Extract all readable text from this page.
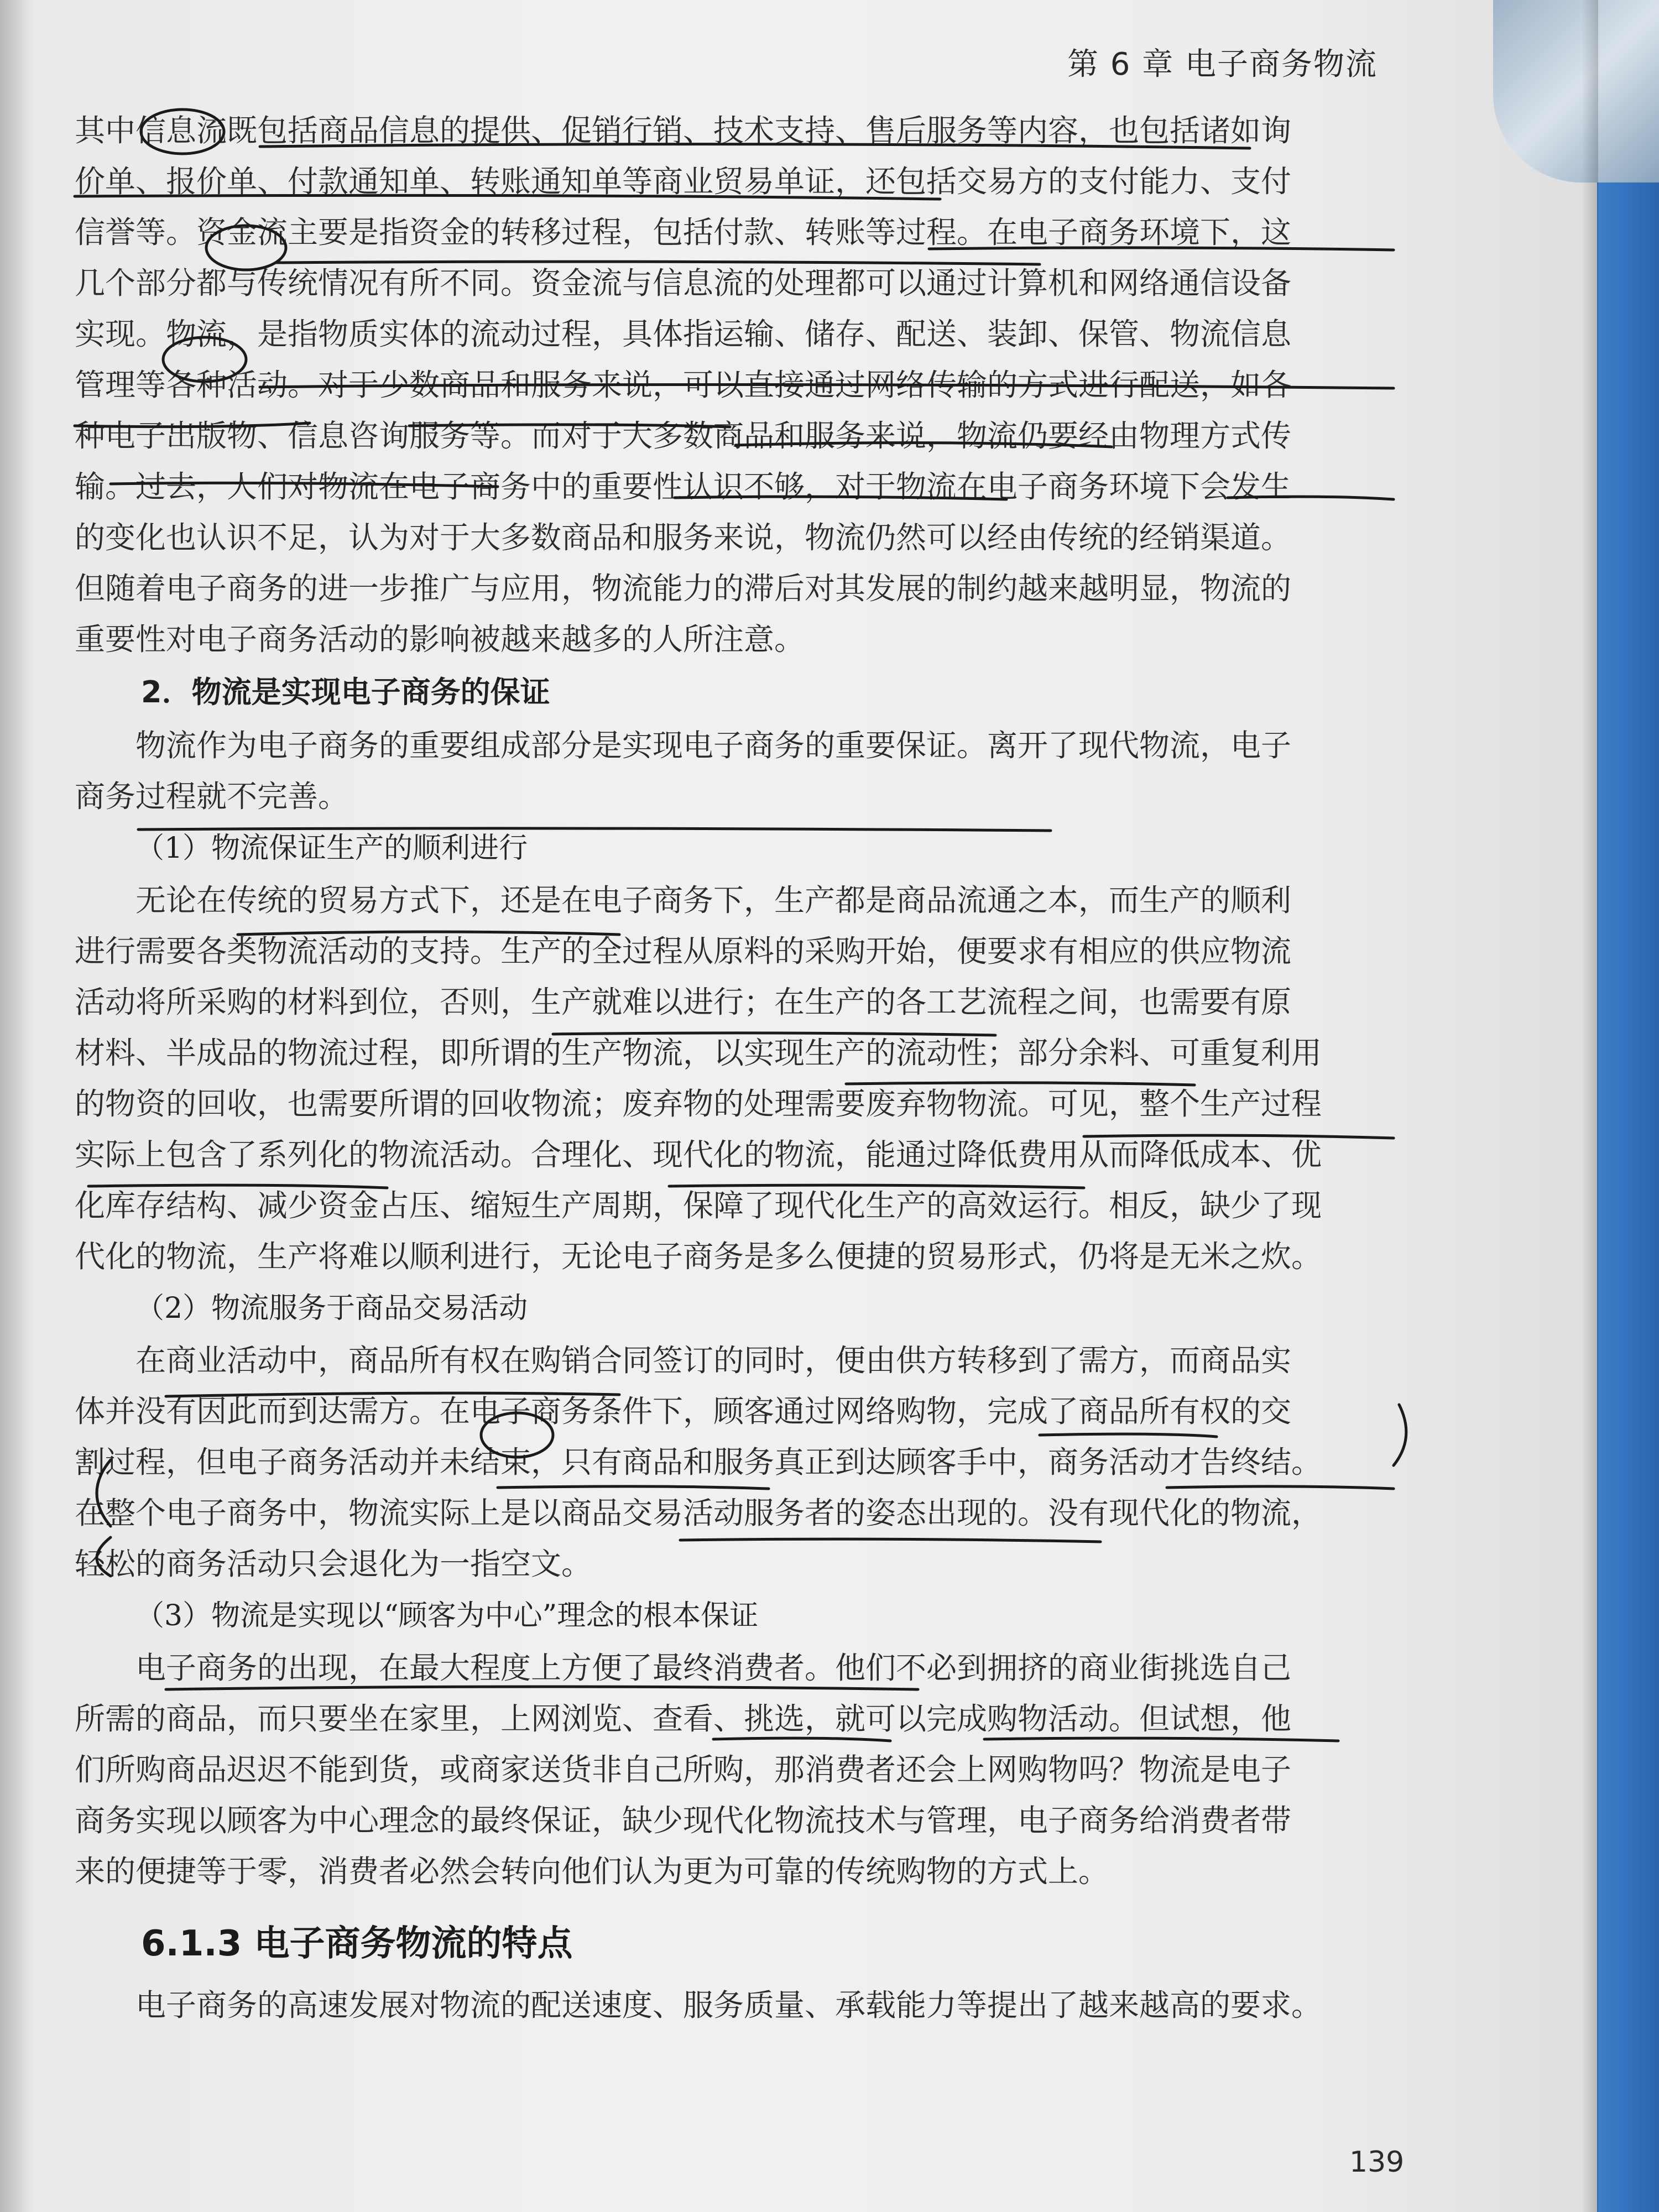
第 6 章 电子商务物流
其中信息流既包括商品信息的提供、促销行销、技术支持、售后服务等内容，也包括诸如询
价单、报价单、付款通知单、转账通知单等商业贸易单证，还包括交易方的支付能力、支付
信誉等。资金流主要是指资金的转移过程，包括付款、转账等过程。在电子商务环境下，这
几个部分都与传统情况有所不同。资金流与信息流的处理都可以通过计算机和网络通信设备
实现。物流，是指物质实体的流动过程，具体指运输、储存、配送、装卸、保管、物流信息
管理等各种活动。对于少数商品和服务来说，可以直接通过网络传输的方式进行配送，如各
种电子出版物、信息咨询服务等。而对于大多数商品和服务来说，物流仍要经由物理方式传
输。过去，人们对物流在电子商务中的重要性认识不够，对于物流在电子商务环境下会发生
的变化也认识不足，认为对于大多数商品和服务来说，物流仍然可以经由传统的经销渠道。
但随着电子商务的进一步推广与应用，物流能力的滞后对其发展的制约越来越明显，物流的
重要性对电子商务活动的影响被越来越多的人所注意。
2．物流是实现电子商务的保证
物流作为电子商务的重要组成部分是实现电子商务的重要保证。离开了现代物流，电子
商务过程就不完善。
（1）物流保证生产的顺利进行
无论在传统的贸易方式下，还是在电子商务下，生产都是商品流通之本，而生产的顺利
进行需要各类物流活动的支持。生产的全过程从原料的采购开始，便要求有相应的供应物流
活动将所采购的材料到位，否则，生产就难以进行；在生产的各工艺流程之间，也需要有原
材料、半成品的物流过程，即所谓的生产物流，以实现生产的流动性；部分余料、可重复利用
的物资的回收，也需要所谓的回收物流；废弃物的处理需要废弃物物流。可见，整个生产过程
实际上包含了系列化的物流活动。合理化、现代化的物流，能通过降低费用从而降低成本、优
化库存结构、减少资金占压、缩短生产周期，保障了现代化生产的高效运行。相反，缺少了现
代化的物流，生产将难以顺利进行，无论电子商务是多么便捷的贸易形式，仍将是无米之炊。
（2）物流服务于商品交易活动
在商业活动中，商品所有权在购销合同签订的同时，便由供方转移到了需方，而商品实
体并没有因此而到达需方。在电子商务条件下，顾客通过网络购物，完成了商品所有权的交
割过程，但电子商务活动并未结束，只有商品和服务真正到达顾客手中，商务活动才告终结。
在整个电子商务中，物流实际上是以商品交易活动服务者的姿态出现的。没有现代化的物流，
轻松的商务活动只会退化为一指空文。
（3）物流是实现以“顾客为中心”理念的根本保证
电子商务的出现，在最大程度上方便了最终消费者。他们不必到拥挤的商业街挑选自己
所需的商品，而只要坐在家里，上网浏览、查看、挑选，就可以完成购物活动。但试想，他
们所购商品迟迟不能到货，或商家送货非自己所购，那消费者还会上网购物吗？物流是电子
商务实现以顾客为中心理念的最终保证，缺少现代化物流技术与管理，电子商务给消费者带
来的便捷等于零，消费者必然会转向他们认为更为可靠的传统购物的方式上。
6.1.3 电子商务物流的特点
电子商务的高速发展对物流的配送速度、服务质量、承载能力等提出了越来越高的要求。
139
